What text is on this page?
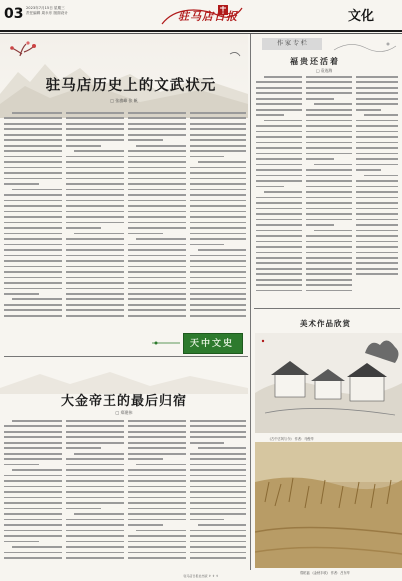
03 2023年7月15日 星期三
责任编辑 周永东 版面设计	驻马店日报	文化
驻马店历史上的文武状元
□ 张旗峰 张 帆
天中文史
大金帝王的最后归宿
□ 郑建伟
作 家 专 栏
福贵还活着
□ 袁连海
美术作品欣赏
《古中古风与今》 作者：马俊华
郑乾福 《金秋丰收》 作者：吕东华
驻马店日报社出版 ⚘ ⚘ ⚘
